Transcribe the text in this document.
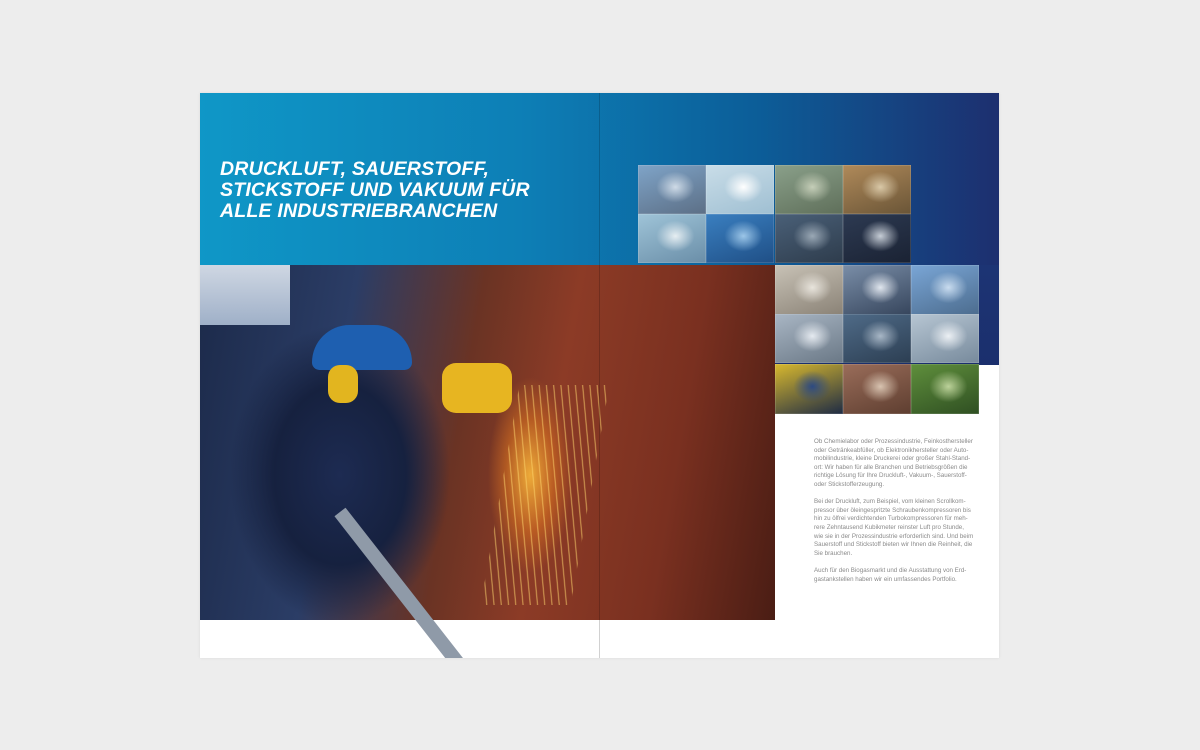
DRUCKLUFT, SAUERSTOFF,
STICKSTOFF UND VAKUUM FÜR
ALLE INDUSTRIEBRANCHEN

Ob Chemielabor oder Prozessindustrie, Feinkosthersteller
oder Getränkeabfüller, ob Elektronikhersteller oder Auto-
mobilindustrie, kleine Druckerei oder großer Stahl-Stand-
ort: Wir haben für alle Branchen und Betriebsgrößen die
richtige Lösung für Ihre Druckluft-, Vakuum-, Sauerstoff-
oder Stickstofferzeugung.

Bei der Druckluft, zum Beispiel, vom kleinen Scrollkom-
pressor über öleingespritzte Schraubenkompressoren bis
hin zu ölfrei verdichtenden Turbokompressoren für meh-
rere Zehntausend Kubikmeter reinster Luft pro Stunde,
wie sie in der Prozessindustrie erforderlich sind. Und beim
Sauerstoff und Stickstoff bieten wir Ihnen die Reinheit, die
Sie brauchen.

Auch für den Biogasmarkt und die Ausstattung von Erd-
gastankstellen haben wir ein umfassendes Portfolio.
